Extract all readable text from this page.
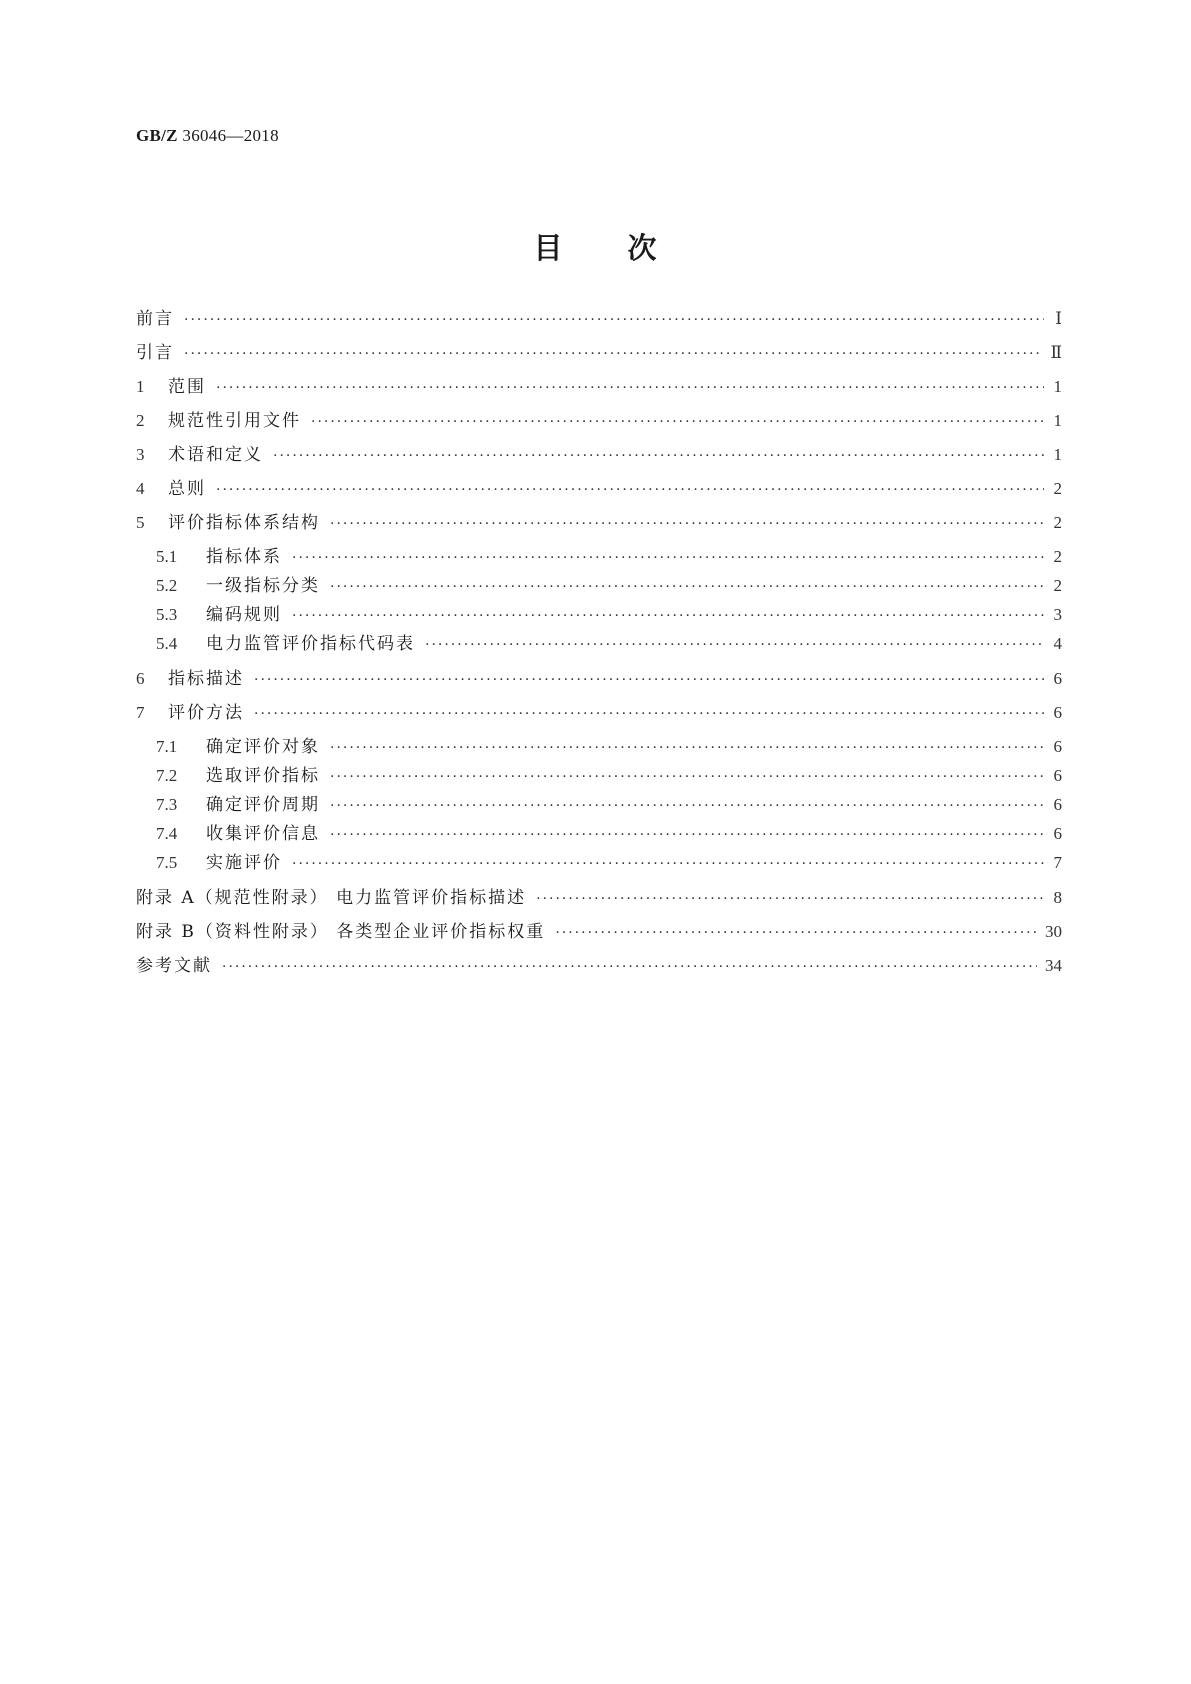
GB/Z 36046—2018
目 次
前言 ·····	Ⅰ
引言 ·····	Ⅱ
1	范围 ·····	1
2	规范性引用文件 ·····	1
3	术语和定义 ·····	1
4	总则 ·····	2
5	评价指标体系结构 ·····	2
5.1	指标体系 ·····	2
5.2	一级指标分类 ·····	2
5.3	编码规则 ·····	3
5.4	电力监管评价指标代码表 ·····	4
6	指标描述 ·····	6
7	评价方法 ·····	6
7.1	确定评价对象 ·····	6
7.2	选取评价指标 ·····	6
7.3	确定评价周期 ·····	6
7.4	收集评价信息 ·····	6
7.5	实施评价 ·····	7
附录 A（规范性附录） 电力监管评价指标描述 ·····	8
附录 B（资料性附录） 各类型企业评价指标权重 ·····	30
参考文献 ·····	34
